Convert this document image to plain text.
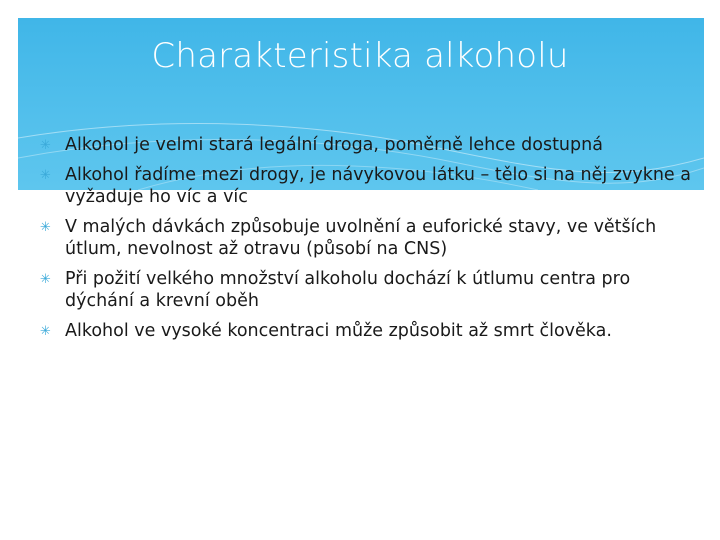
Charakteristika alkoholu
✳ Alkohol je velmi stará legální droga, poměrně lehce dostupná
✳ Alkohol řadíme mezi drogy, je návykovou látku – tělo si na něj zvykne a vyžaduje ho víc a víc
✳ V malých dávkách způsobuje uvolnění a euforické stavy, ve větších útlum, nevolnost až otravu (působí na CNS)
✳ Při požití velkého množství alkoholu dochází k útlumu centra pro dýchání a krevní oběh
✳ Alkohol ve vysoké koncentraci může způsobit až smrt člověka.
